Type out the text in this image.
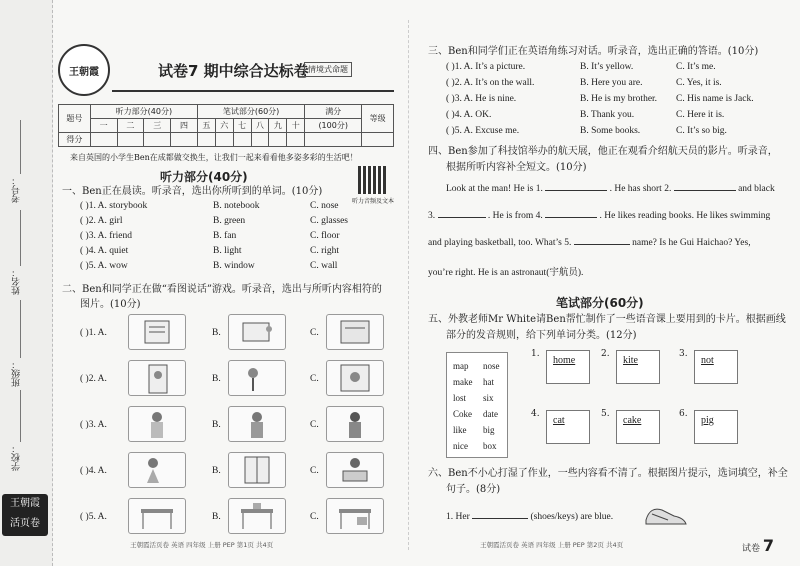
考号：
姓名：
班级：
学校：
王朝霞
活页卷
王朝霞	试卷7 期中综合达标卷 情境式命题
题号	听力部分(40分)				笔试部分(60分)						满分	等级
	一	二	三	四	五	六	七	八	九	十	(100分)	
得分												
来自英国的小学生Ben在成都做交换生，让我们一起来看看他多姿多彩的生活吧！
听力部分(40分)
听力音频及文本
一、Ben正在晨读。听录音，选出你所听到的单词。(10分)
( )1. A. storybook	B. notebook	C. nose
( )2. A. girl	B. green	C. glasses
( )3. A. friend	B. fan	C. floor
( )4. A. quiet	B. light	C. right
( )5. A. wow	B. window	C. wall
二、Ben和同学正在做“看图说话”游戏。听录音，选出与所听内容相符的
图片。(10分)
( )1. A.	B.	C.
( )2. A.	B.	C.
( )3. A.	B.	C.
( )4. A.	B.	C.
( )5. A.	B.	C.
王朝霞活页卷 英语 四年级 上册 PEP 第1页 共4页
三、Ben和同学们正在英语角练习对话。听录音，选出正确的答语。(10分)
( )1. A. It’s a picture.	B. It’s yellow.	C. It’s me.
( )2. A. It’s on the wall.	B. Here you are.	C. Yes, it is.
( )3. A. He is nine.	B. He is my brother. C. His name is Jack.
( )4. A. OK.	B. Thank you.	C. Here it is.
( )5. A. Excuse me.	B. Some books.	C. It’s so big.
四、Ben参加了科技馆举办的航天展，他正在观看介绍航天员的影片。听录音，
根据所听内容补全短文。(10分)
Look at the man! He is 1.	. He has short 2.	and black
3.	. He is from 4.	. He likes reading books. He likes swimming
and playing basketball, too. What’s 5.	name? Is he Gui Haichao? Yes,
you’re right. He is an astronaut(宇航员).
笔试部分(60分)
五、外教老师Mr White请Ben帮忙制作了一些语音课上要用到的卡片。根据画线
部分的发音规则，给下列单词分类。(12分)
map nose
make hat
lost six
Coke date
like big
nice box
1.
home
2.
kite
3.
not
4.
cat
5.
cake
6.
pig
六、Ben不小心打湿了作业，一些内容看不清了。根据图片提示，选词填空，补全
句子。(8分)
1. Her	(shoes/keys) are blue.
王朝霞活页卷 英语 四年级 上册 PEP 第2页 共4页	试卷 7
